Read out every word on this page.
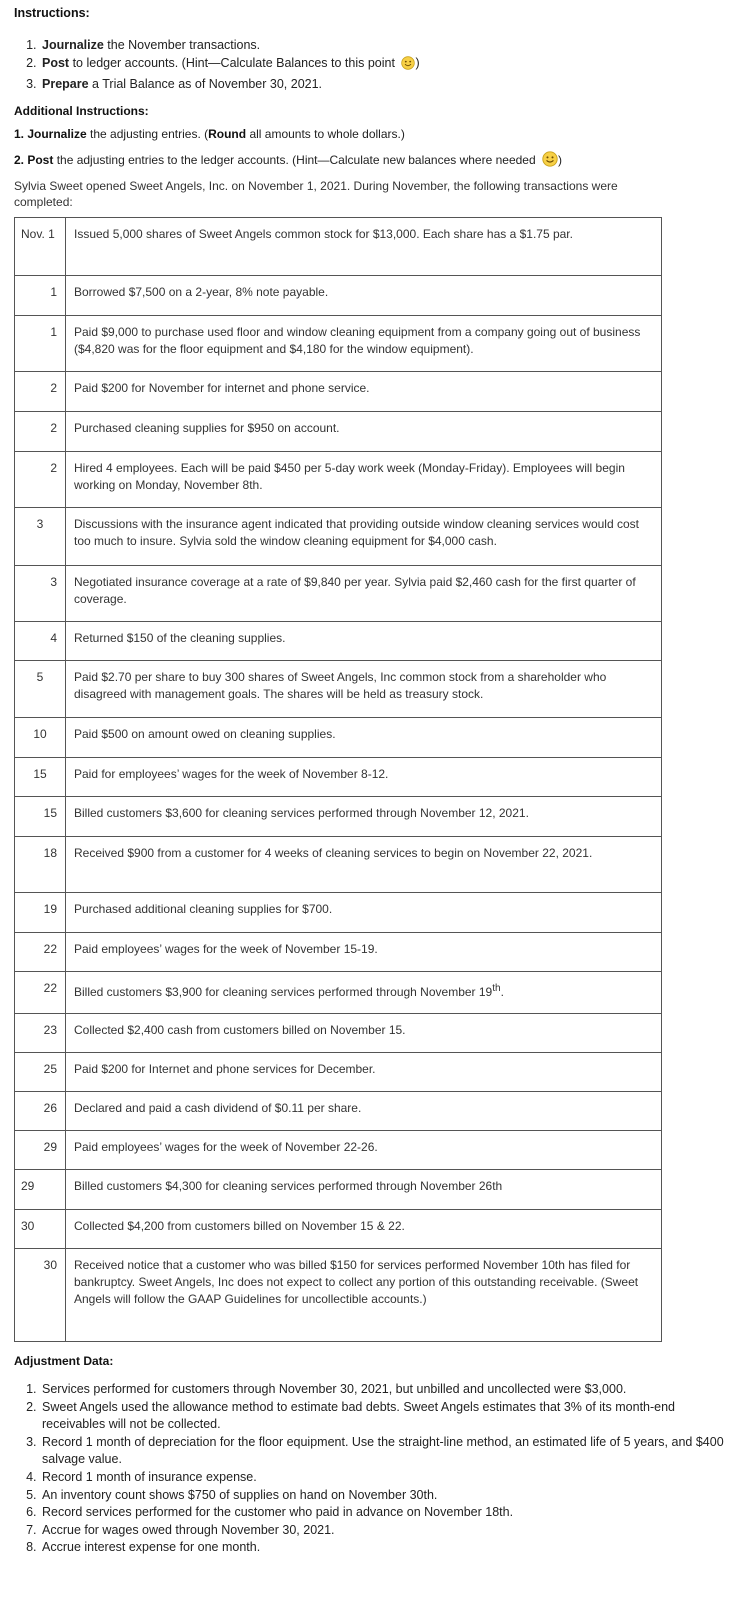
Instructions:
1. Journalize the November transactions.
2. Post to ledger accounts. (Hint—Calculate Balances to this point )
3. Prepare a Trial Balance as of November 30, 2021.
Additional Instructions:
1. Journalize the adjusting entries. (Round all amounts to whole dollars.)
2. Post the adjusting entries to the ledger accounts. (Hint—Calculate new balances where needed )
Sylvia Sweet opened Sweet Angels, Inc. on November 1, 2021. During November, the following transactions were completed:
Nov. 1	Issued 5,000 shares of Sweet Angels common stock for $13,000. Each share has a $1.75 par.

1	Borrowed $7,500 on a 2-year, 8% note payable.

1	Paid $9,000 to purchase used floor and window cleaning equipment from a company going out of business ($4,820 was for the floor equipment and $4,180 for the window equipment).

2	Paid $200 for November for internet and phone service.

2	Purchased cleaning supplies for $950 on account.

2	Hired 4 employees. Each will be paid $450 per 5-day work week (Monday-Friday). Employees will begin working on Monday, November 8th.

3	Discussions with the insurance agent indicated that providing outside window cleaning services would cost too much to insure. Sylvia sold the window cleaning equipment for $4,000 cash.

3	Negotiated insurance coverage at a rate of $9,840 per year. Sylvia paid $2,460 cash for the first quarter of coverage.

4	Returned $150 of the cleaning supplies.

5	Paid $2.70 per share to buy 300 shares of Sweet Angels, Inc common stock from a shareholder who disagreed with management goals. The shares will be held as treasury stock.

10	Paid $500 on amount owed on cleaning supplies.

15	Paid for employees’ wages for the week of November 8-12.

15	Billed customers $3,600 for cleaning services performed through November 12, 2021.

18	Received $900 from a customer for 4 weeks of cleaning services to begin on November 22, 2021.

19	Purchased additional cleaning supplies for $700.

22	Paid employees’ wages for the week of November 15-19.

22	Billed customers $3,900 for cleaning services performed through November 19th.

23	Collected $2,400 cash from customers billed on November 15.

25	Paid $200 for Internet and phone services for December.

26	Declared and paid a cash dividend of $0.11 per share.

29	Paid employees’ wages for the week of November 22-26.

29	Billed customers $4,300 for cleaning services performed through November 26th

30	Collected $4,200 from customers billed on November 15 & 22.

30	Received notice that a customer who was billed $150 for services performed November 10th has filed for bankruptcy. Sweet Angels, Inc does not expect to collect any portion of this outstanding receivable. (Sweet Angels will follow the GAAP Guidelines for uncollectible accounts.)
Adjustment Data:
1. Services performed for customers through November 30, 2021, but unbilled and uncollected were $3,000.
2. Sweet Angels used the allowance method to estimate bad debts. Sweet Angels estimates that 3% of its month-end receivables will not be collected.
3. Record 1 month of depreciation for the floor equipment. Use the straight-line method, an estimated life of 5 years, and $400 salvage value.
4. Record 1 month of insurance expense.
5. An inventory count shows $750 of supplies on hand on November 30th.
6. Record services performed for the customer who paid in advance on November 18th.
7. Accrue for wages owed through November 30, 2021.
8. Accrue interest expense for one month.
